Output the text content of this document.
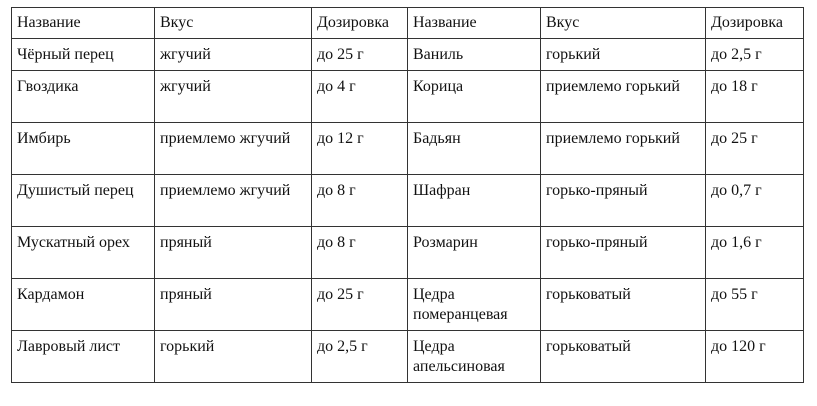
Название	Вкус	Дозировка	Название	Вкус	Дозировка
Чёрный перец	жгучий	до 25 г	Ваниль	горький	до 2,5 г
Гвоздика	жгучий	до 4 г	Корица	приемлемо горький	до 18 г
Имбирь	приемлемо жгучий	до 12 г	Бадьян	приемлемо горький	до 25 г
Душистый перец	приемлемо жгучий	до 8 г	Шафран	горько-пряный	до 0,7 г
Мускатный орех	пряный	до 8 г	Розмарин	горько-пряный	до 1,6 г
Кардамон	пряный	до 25 г	Цедра померанцевая	горьковатый	до 55 г
Лавровый лист	горький	до 2,5 г	Цедра апельсиновая	горьковатый	до 120 г
